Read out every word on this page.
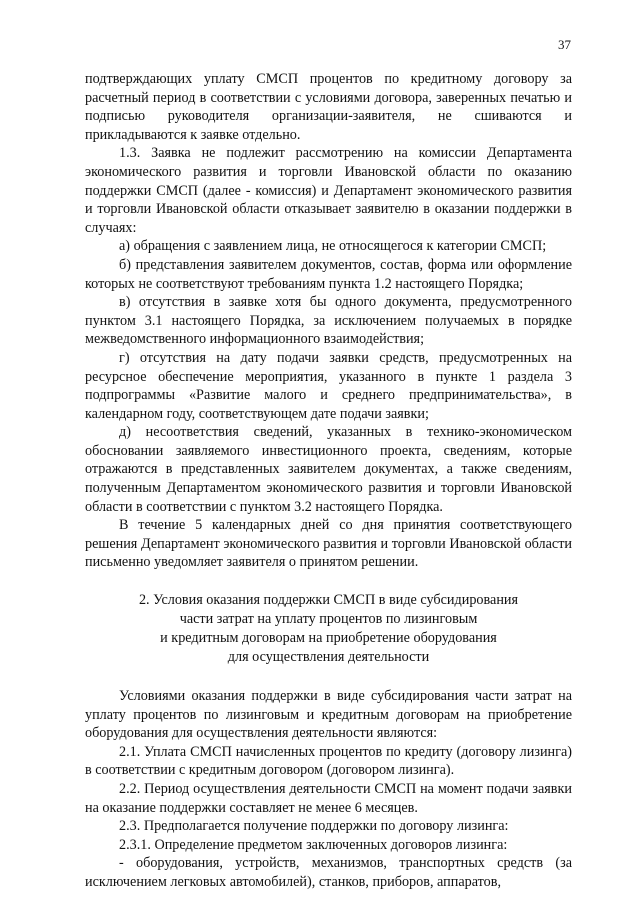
37

подтверждающих уплату СМСП процентов по кредитному договору за расчетный период в соответствии с условиями договора, заверенных печатью и подписью руководителя организации-заявителя, не сшиваются и прикладываются к заявке отдельно.

1.3. Заявка не подлежит рассмотрению на комиссии Департамента экономического развития и торговли Ивановской области по оказанию поддержки СМСП (далее - комиссия) и Департамент экономического развития и торговли Ивановской области отказывает заявителю в оказании поддержки в случаях:

а) обращения с заявлением лица, не относящегося к категории СМСП;

б) представления заявителем документов, состав, форма или оформление которых не соответствуют требованиям пункта 1.2 настоящего Порядка;

в) отсутствия в заявке хотя бы одного документа, предусмотренного пунктом 3.1 настоящего Порядка, за исключением получаемых в порядке межведомственного информационного взаимодействия;

г) отсутствия на дату подачи заявки средств, предусмотренных на ресурсное обеспечение мероприятия, указанного в пункте 1 раздела 3 подпрограммы «Развитие малого и среднего предпринимательства», в календарном году, соответствующем дате подачи заявки;

д) несоответствия сведений, указанных в технико-экономическом обосновании заявляемого инвестиционного проекта, сведениям, которые отражаются в представленных заявителем документах, а также сведениям, полученным Департаментом экономического развития и торговли Ивановской области в соответствии с пунктом 3.2 настоящего Порядка.

В течение 5 календарных дней со дня принятия соответствующего решения Департамент экономического развития и торговли Ивановской области письменно уведомляет заявителя о принятом решении.

2. Условия оказания поддержки СМСП в виде субсидирования
части затрат на уплату процентов по лизинговым
и кредитным договорам на приобретение оборудования
для осуществления деятельности

Условиями оказания поддержки в виде субсидирования части затрат на уплату процентов по лизинговым и кредитным договорам на приобретение оборудования для осуществления деятельности являются:

2.1. Уплата СМСП начисленных процентов по кредиту (договору лизинга) в соответствии с кредитным договором (договором лизинга).

2.2. Период осуществления деятельности СМСП на момент подачи заявки на оказание поддержки составляет не менее 6 месяцев.

2.3. Предполагается получение поддержки по договору лизинга:

2.3.1. Определение предметом заключенных договоров лизинга:

- оборудования, устройств, механизмов, транспортных средств (за исключением легковых автомобилей), станков, приборов, аппаратов,
